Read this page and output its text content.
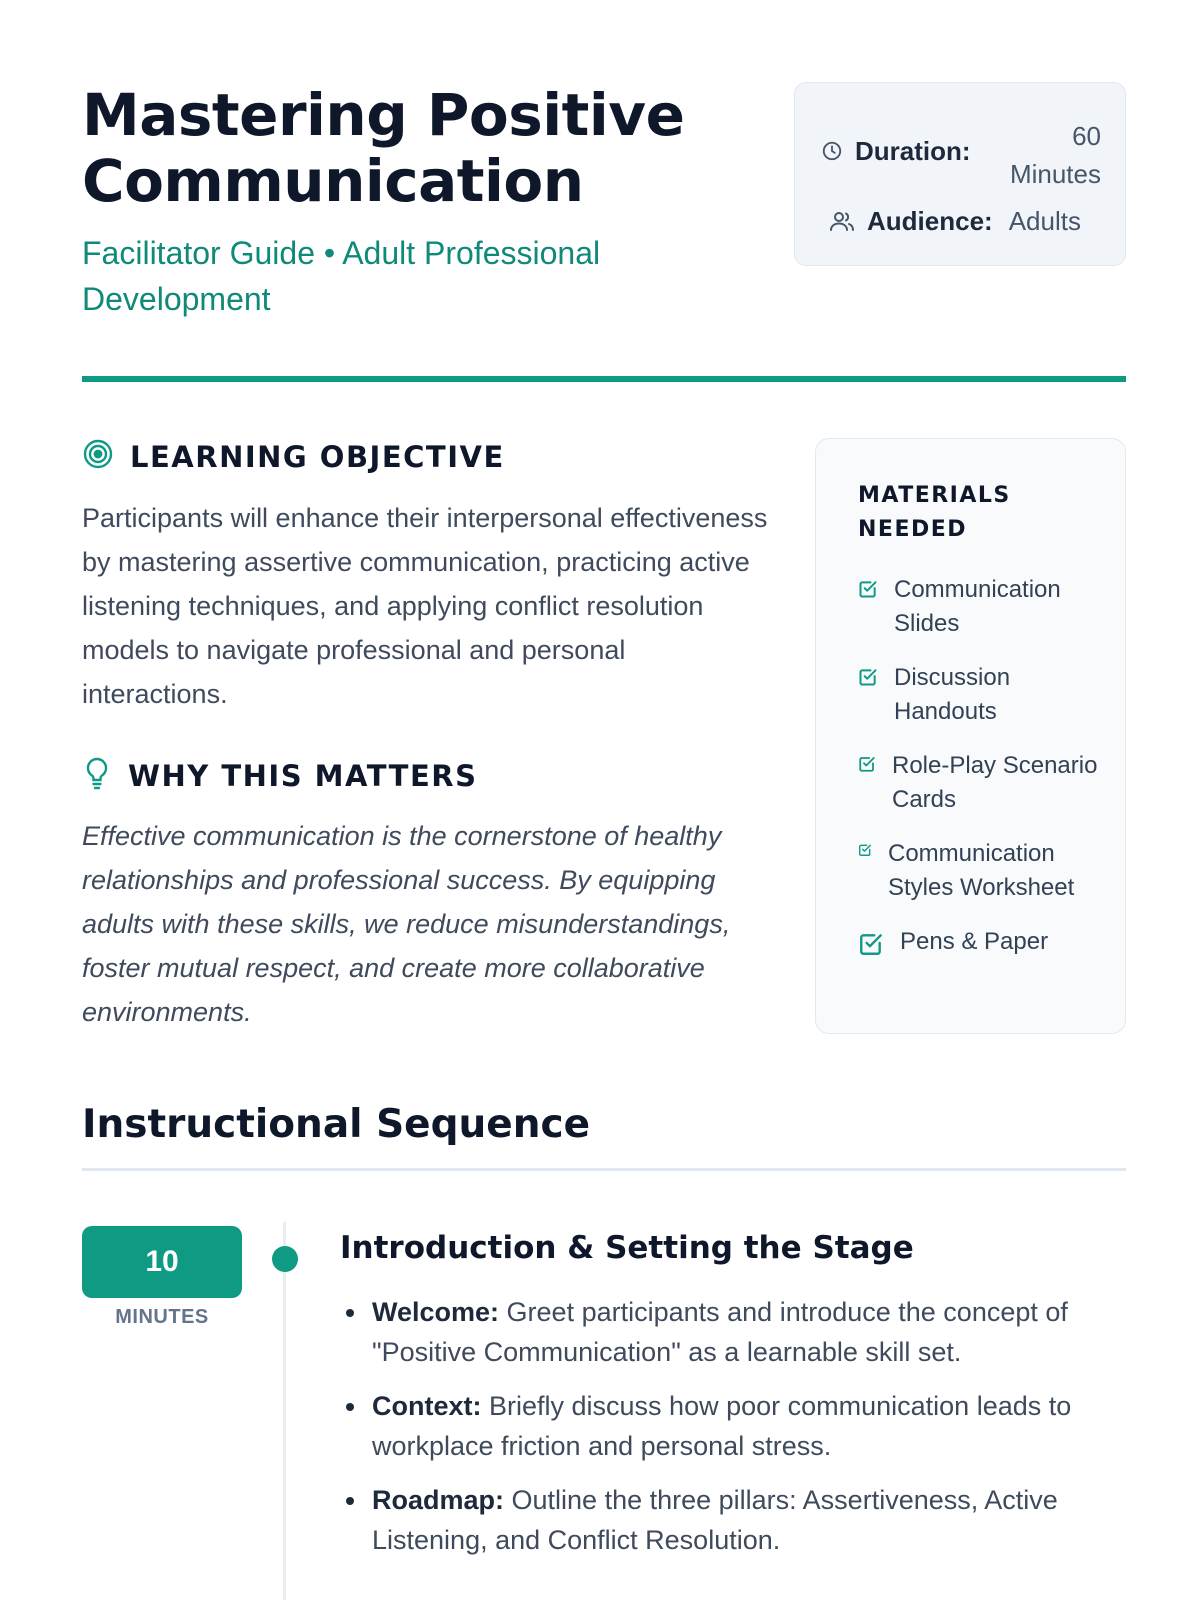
Mastering Positive Communication
Facilitator Guide • Adult Professional Development
Duration:	60 Minutes
Audience: Adults
LEARNING OBJECTIVE

Participants will enhance their interpersonal effectiveness by mastering assertive communication, practicing active listening techniques, and applying conflict resolution models to navigate professional and personal interactions.

WHY THIS MATTERS

Effective communication is the cornerstone of healthy relationships and professional success. By equipping adults with these skills, we reduce misunderstandings, foster mutual respect, and create more collaborative environments.

MATERIALS NEEDED
Communication Slides
Discussion Handouts
Role-Play Scenario Cards
Communication Styles Worksheet
Pens & Paper
Instructional Sequence
10
MINUTES
Introduction & Setting the Stage
Welcome: Greet participants and introduce the concept of "Positive Communication" as a learnable skill set.
Context: Briefly discuss how poor communication leads to workplace friction and personal stress.
Roadmap: Outline the three pillars: Assertiveness, Active Listening, and Conflict Resolution.
